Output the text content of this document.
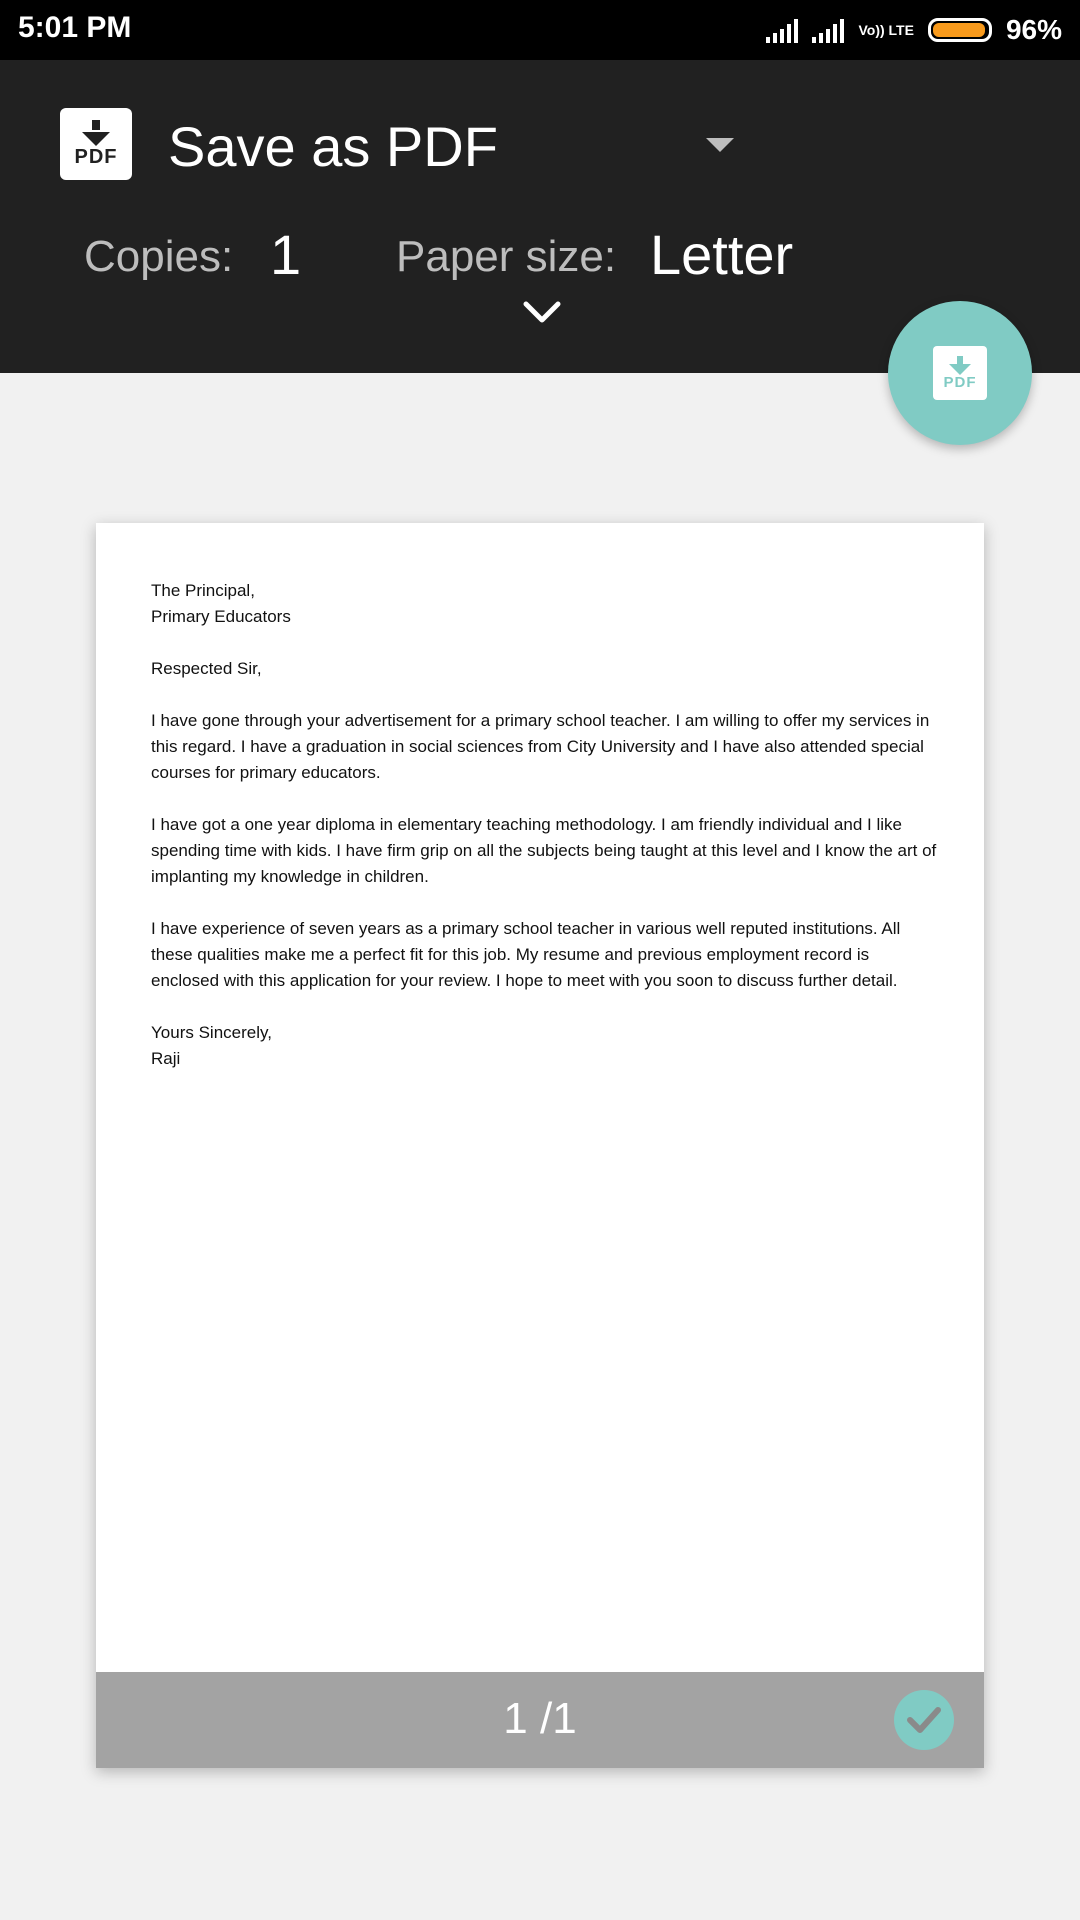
5:01 PM	Vo)) LTE	96%
PDF Save as PDF
Copies: 1 Paper size: Letter
PDF

The Principal,
Primary Educators

Respected Sir,

I have gone through your advertisement for a primary school teacher. I am willing to offer my services in this regard. I have a graduation in social sciences from City University and I have also attended special courses for primary educators.

I have got a one year diploma in elementary teaching methodology. I am friendly individual and I like spending time with kids. I have firm grip on all the subjects being taught at this level and I know the art of implanting my knowledge in children.

I have experience of seven years as a primary school teacher in various well reputed institutions. All these qualities make me a perfect fit for this job. My resume and previous employment record is enclosed with this application for your review. I hope to meet with you soon to discuss further detail.

Yours Sincerely,
Raji

1 /1
